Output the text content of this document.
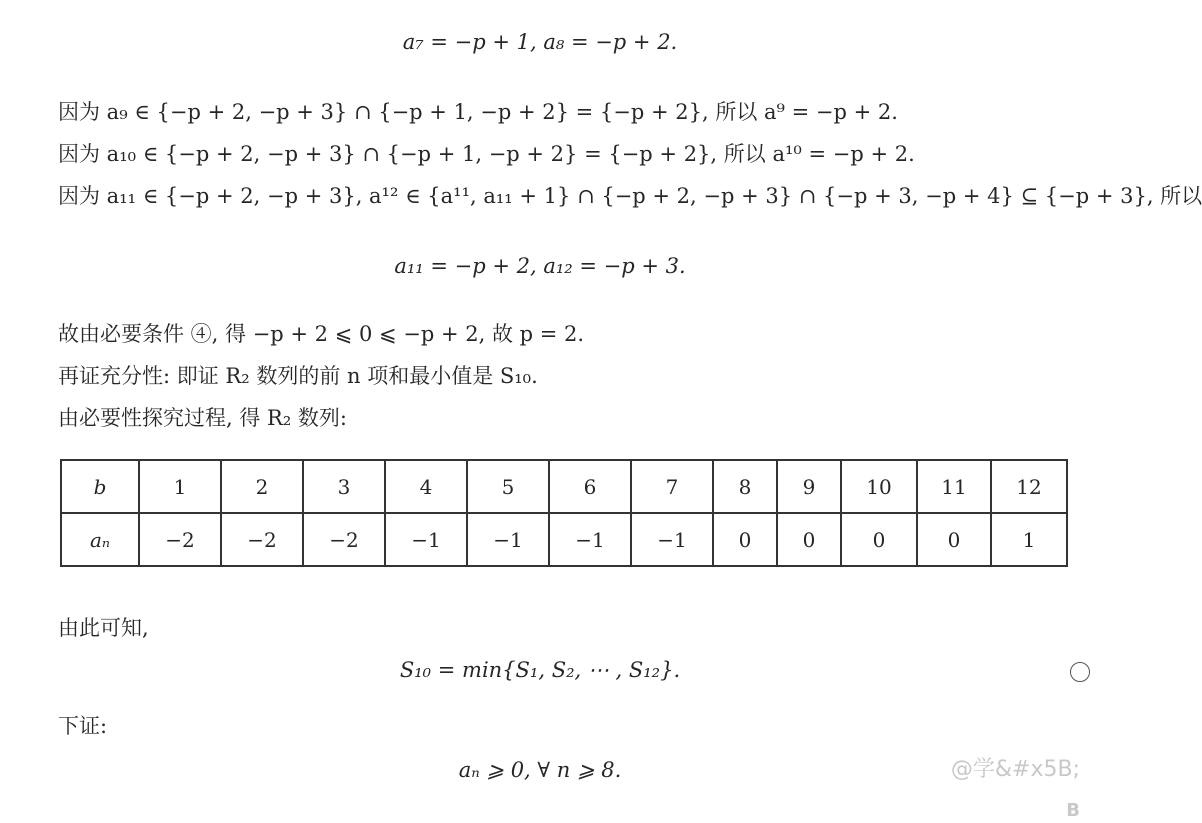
a₇ = −p + 1, a₈ = −p + 2.
因为 a₉ ∈ {−p + 2, −p + 3} ∩ {−p + 1, −p + 2} = {−p + 2}, 所以 a⁹ = −p + 2.
因为 a₁₀ ∈ {−p + 2, −p + 3} ∩ {−p + 1, −p + 2} = {−p + 2}, 所以 a¹⁰ = −p + 2.
因为 a₁₁ ∈ {−p + 2, −p + 3}, a¹² ∈ {a¹¹, a₁₁ + 1} ∩ {−p + 2, −p + 3} ∩ {−p + 3, −p + 4} ⊆ {−p + 3}, 所以
a₁₁ = −p + 2, a₁₂ = −p + 3.
故由必要条件 ④, 得 −p + 2 ⩽ 0 ⩽ −p + 2, 故 p = 2.
再证充分性: 即证 R₂ 数列的前 n 项和最小值是 S₁₀.
由必要性探究过程, 得 R₂ 数列:
b	1	2	3	4	5	6	7	8	9	10	11	12
aₙ	−2	−2	−2	−1	−1	−1	−1	0	0	0	0	1
由此可知,
S₁₀ = min{S₁, S₂, ⋯ , S₁₂}.
下证:
aₙ ⩾ 0, ∀ n ⩾ 8.	@学&#x5B;
B
